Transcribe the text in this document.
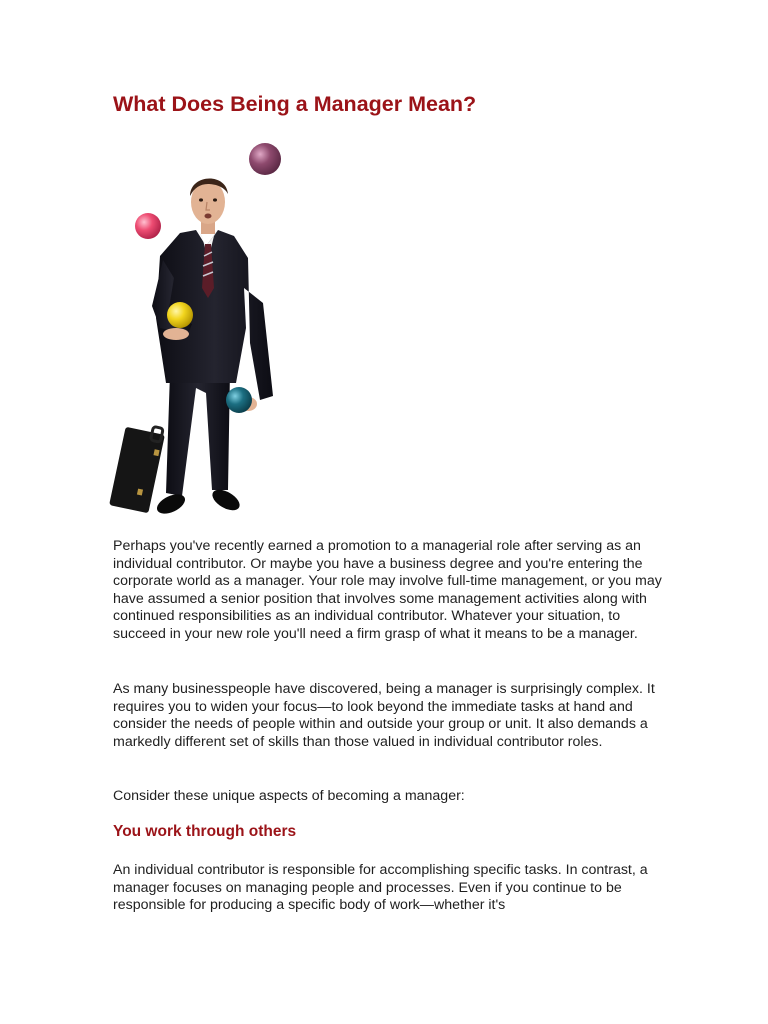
What Does Being a Manager Mean?

Perhaps you've recently earned a promotion to a managerial role after serving as an individual contributor. Or maybe you have a business degree and you're entering the corporate world as a manager. Your role may involve full-time management, or you may have assumed a senior position that involves some management activities along with continued responsibilities as an individual contributor. Whatever your situation, to succeed in your new role you'll need a firm grasp of what it means to be a manager.

As many businesspeople have discovered, being a manager is surprisingly complex. It requires you to widen your focus—to look beyond the immediate tasks at hand and consider the needs of people within and outside your group or unit. It also demands a markedly different set of skills than those valued in individual contributor roles.

Consider these unique aspects of becoming a manager:

You work through others

An individual contributor is responsible for accomplishing specific tasks. In contrast, a manager focuses on managing people and processes. Even if you continue to be responsible for producing a specific body of work—whether it's
